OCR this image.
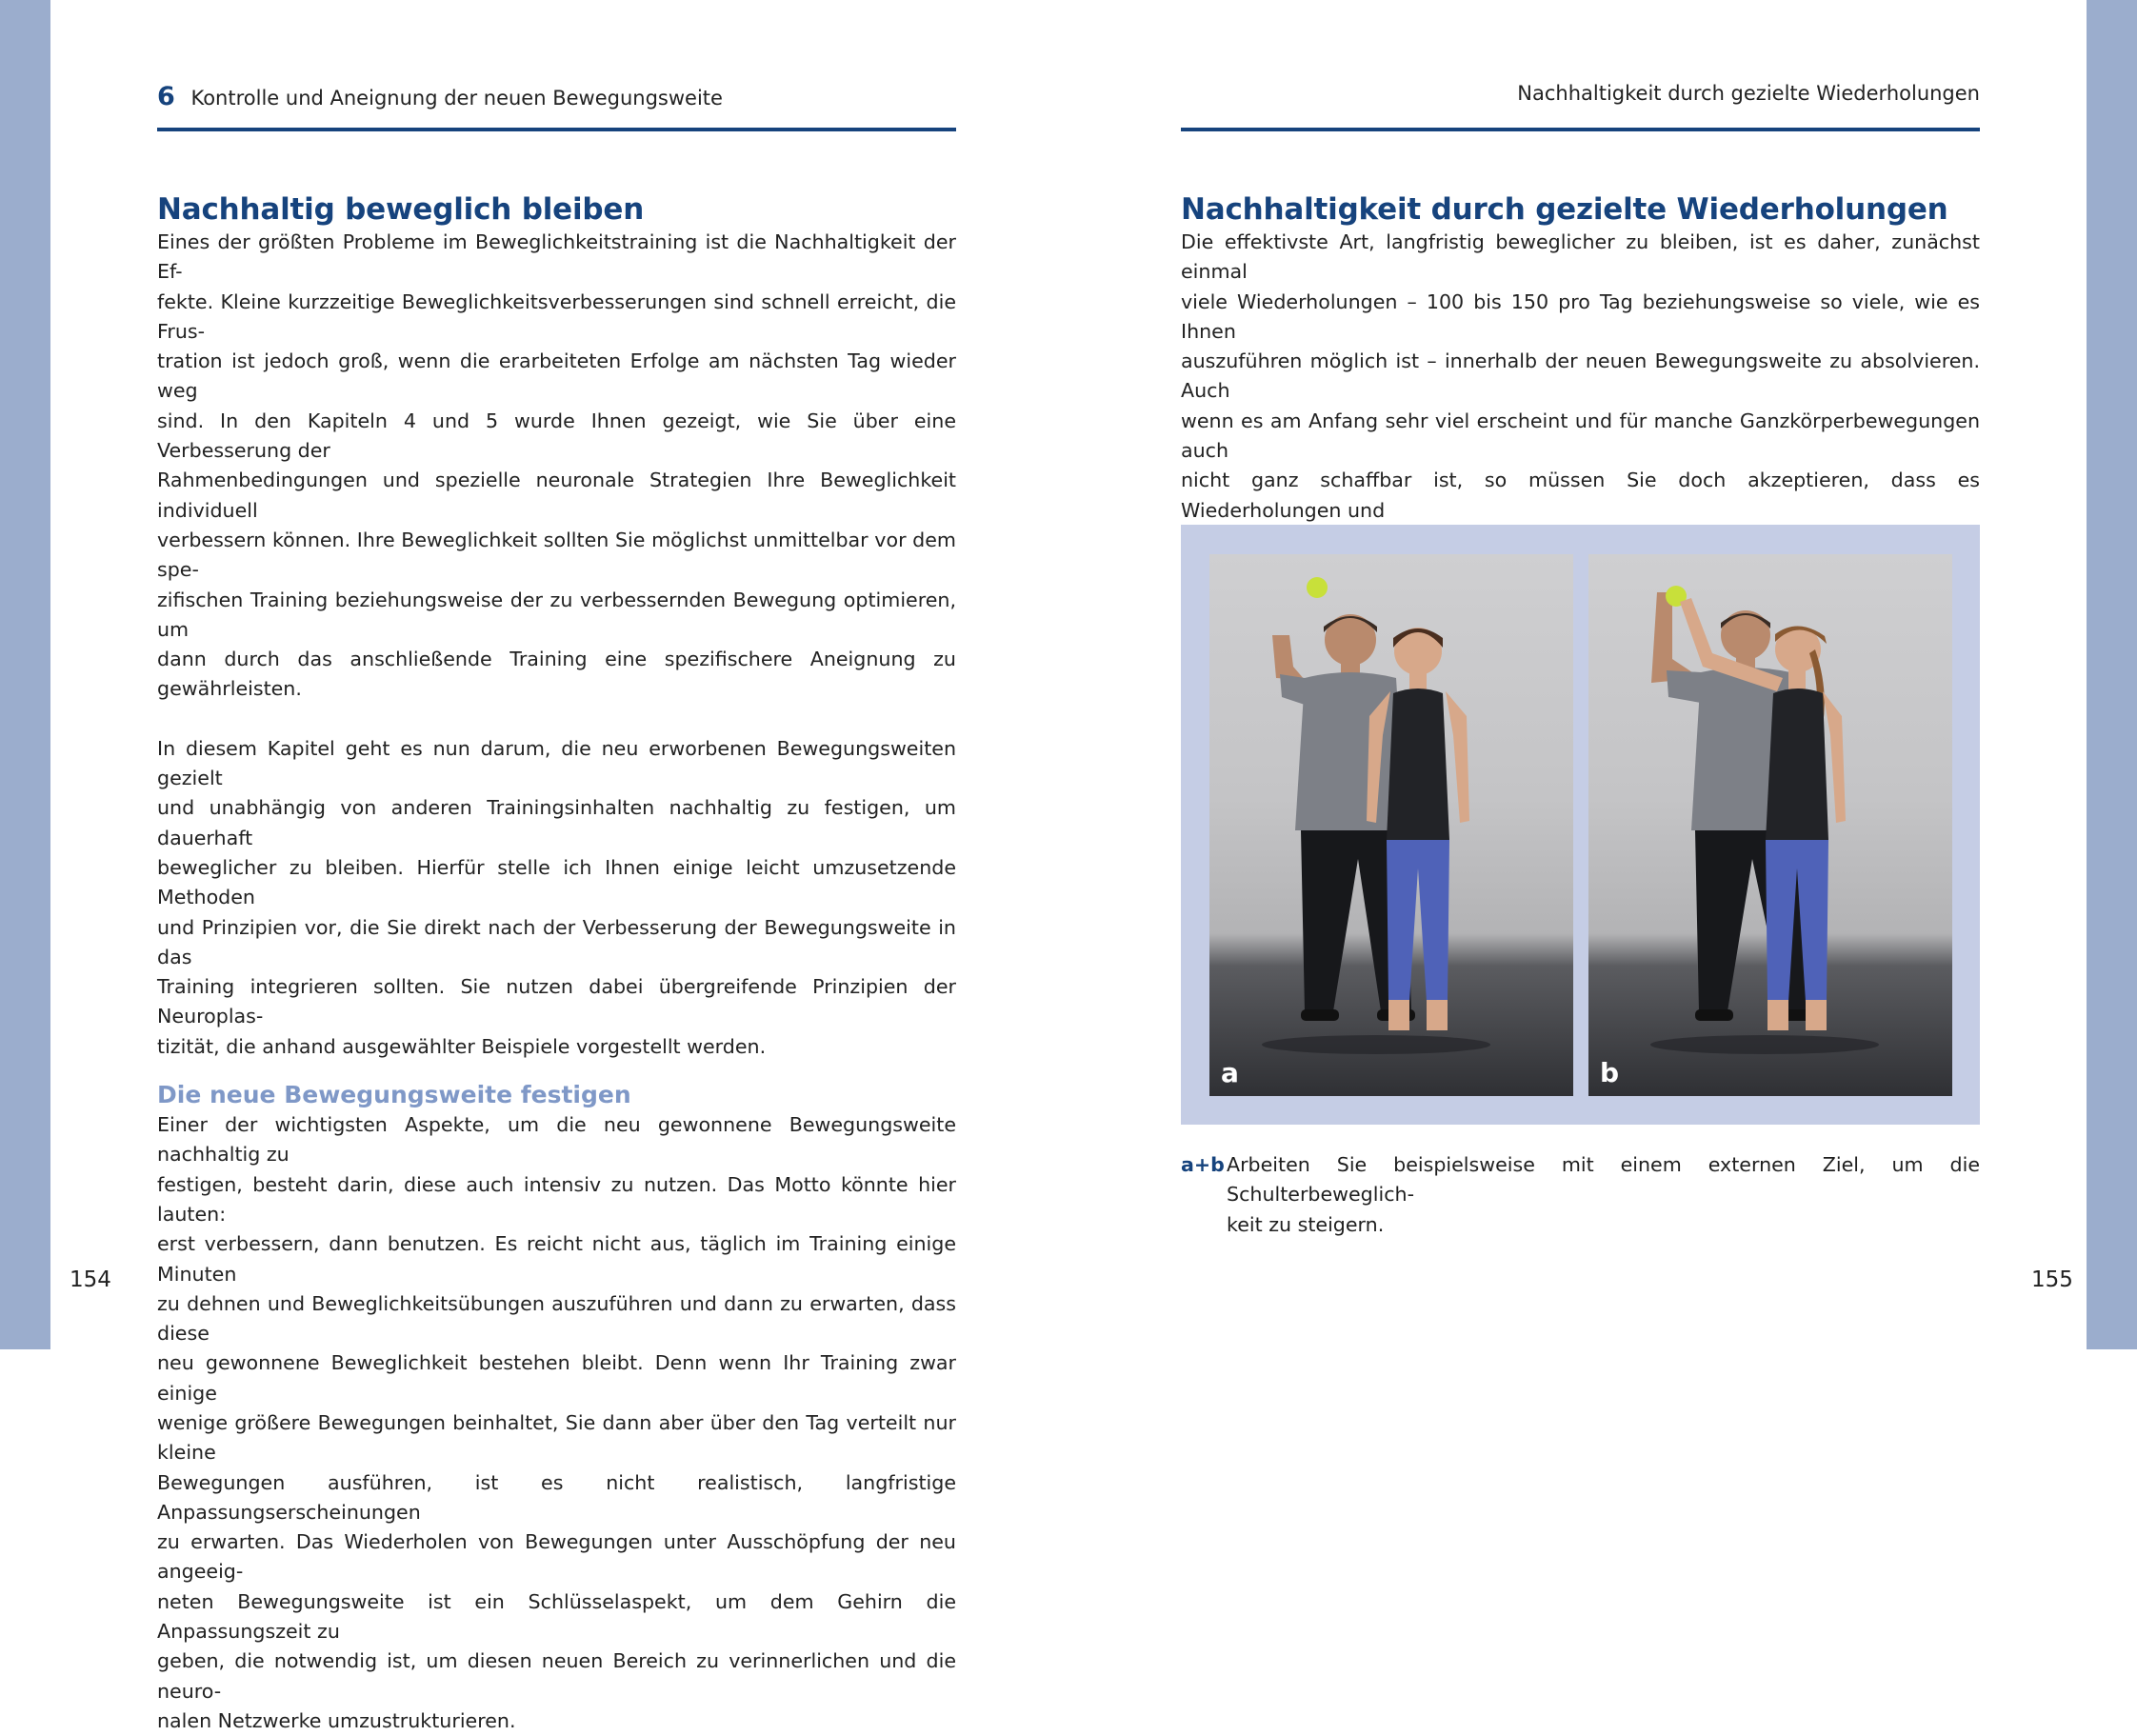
6 Kontrolle und Aneignung der neuen Bewegungsweite
Nachhaltig beweglich bleiben

Eines der größten Probleme im Beweglichkeitstraining ist die Nachhaltigkeit der Ef-
fekte. Kleine kurzzeitige Beweglichkeitsverbesserungen sind schnell erreicht, die Frus-
tration ist jedoch groß, wenn die erarbeiteten Erfolge am nächsten Tag wieder weg
sind. In den Kapiteln 4 und 5 wurde Ihnen gezeigt, wie Sie über eine Verbesserung der
Rahmenbedingungen und spezielle neuronale Strategien Ihre Beweglichkeit individuell
verbessern können. Ihre Beweglichkeit sollten Sie möglichst unmittelbar vor dem spe-
zifischen Training beziehungsweise der zu verbessernden Bewegung optimieren, um
dann durch das anschließende Training eine spezifischere Aneignung zu gewährleisten.

In diesem Kapitel geht es nun darum, die neu erworbenen Bewegungsweiten gezielt
und unabhängig von anderen Trainingsinhalten nachhaltig zu festigen, um dauerhaft
beweglicher zu bleiben. Hierfür stelle ich Ihnen einige leicht umzusetzende Methoden
und Prinzipien vor, die Sie direkt nach der Verbesserung der Bewegungsweite in das
Training integrieren sollten. Sie nutzen dabei übergreifende Prinzipien der Neuroplas-
tizität, die anhand ausgewählter Beispiele vorgestellt werden.

Die neue Bewegungsweite festigen

Einer der wichtigsten Aspekte, um die neu gewonnene Bewegungsweite nachhaltig zu
festigen, besteht darin, diese auch intensiv zu nutzen. Das Motto könnte hier lauten:
erst verbessern, dann benutzen. Es reicht nicht aus, täglich im Training einige Minuten
zu dehnen und Beweglichkeitsübungen auszuführen und dann zu erwarten, dass diese
neu gewonnene Beweglichkeit bestehen bleibt. Denn wenn Ihr Training zwar einige
wenige größere Bewegungen beinhaltet, Sie dann aber über den Tag verteilt nur kleine
Bewegungen ausführen, ist es nicht realistisch, langfristige Anpassungserscheinungen
zu erwarten. Das Wiederholen von Bewegungen unter Ausschöpfung der neu angeeig-
neten Bewegungsweite ist ein Schlüsselaspekt, um dem Gehirn die Anpassungszeit zu
geben, die notwendig ist, um diesen neuen Bereich zu verinnerlichen und die neuro-
nalen Netzwerke umzustrukturieren.

154
Nachhaltigkeit durch gezielte Wiederholungen
Nachhaltigkeit durch gezielte Wiederholungen

Die effektivste Art, langfristig beweglicher zu bleiben, ist es daher, zunächst einmal
viele Wiederholungen – 100 bis 150 pro Tag beziehungsweise so viele, wie es Ihnen
auszuführen möglich ist – innerhalb der neuen Bewegungsweite zu absolvieren. Auch
wenn es am Anfang sehr viel erscheint und für manche Ganzkörperbewegungen auch
nicht ganz schaffbar ist, so müssen Sie doch akzeptieren, dass es Wiederholungen und

a	b
a+b Arbeiten Sie beispielsweise mit einem externen Ziel, um die Schulterbeweglich-
keit zu steigern.
155
